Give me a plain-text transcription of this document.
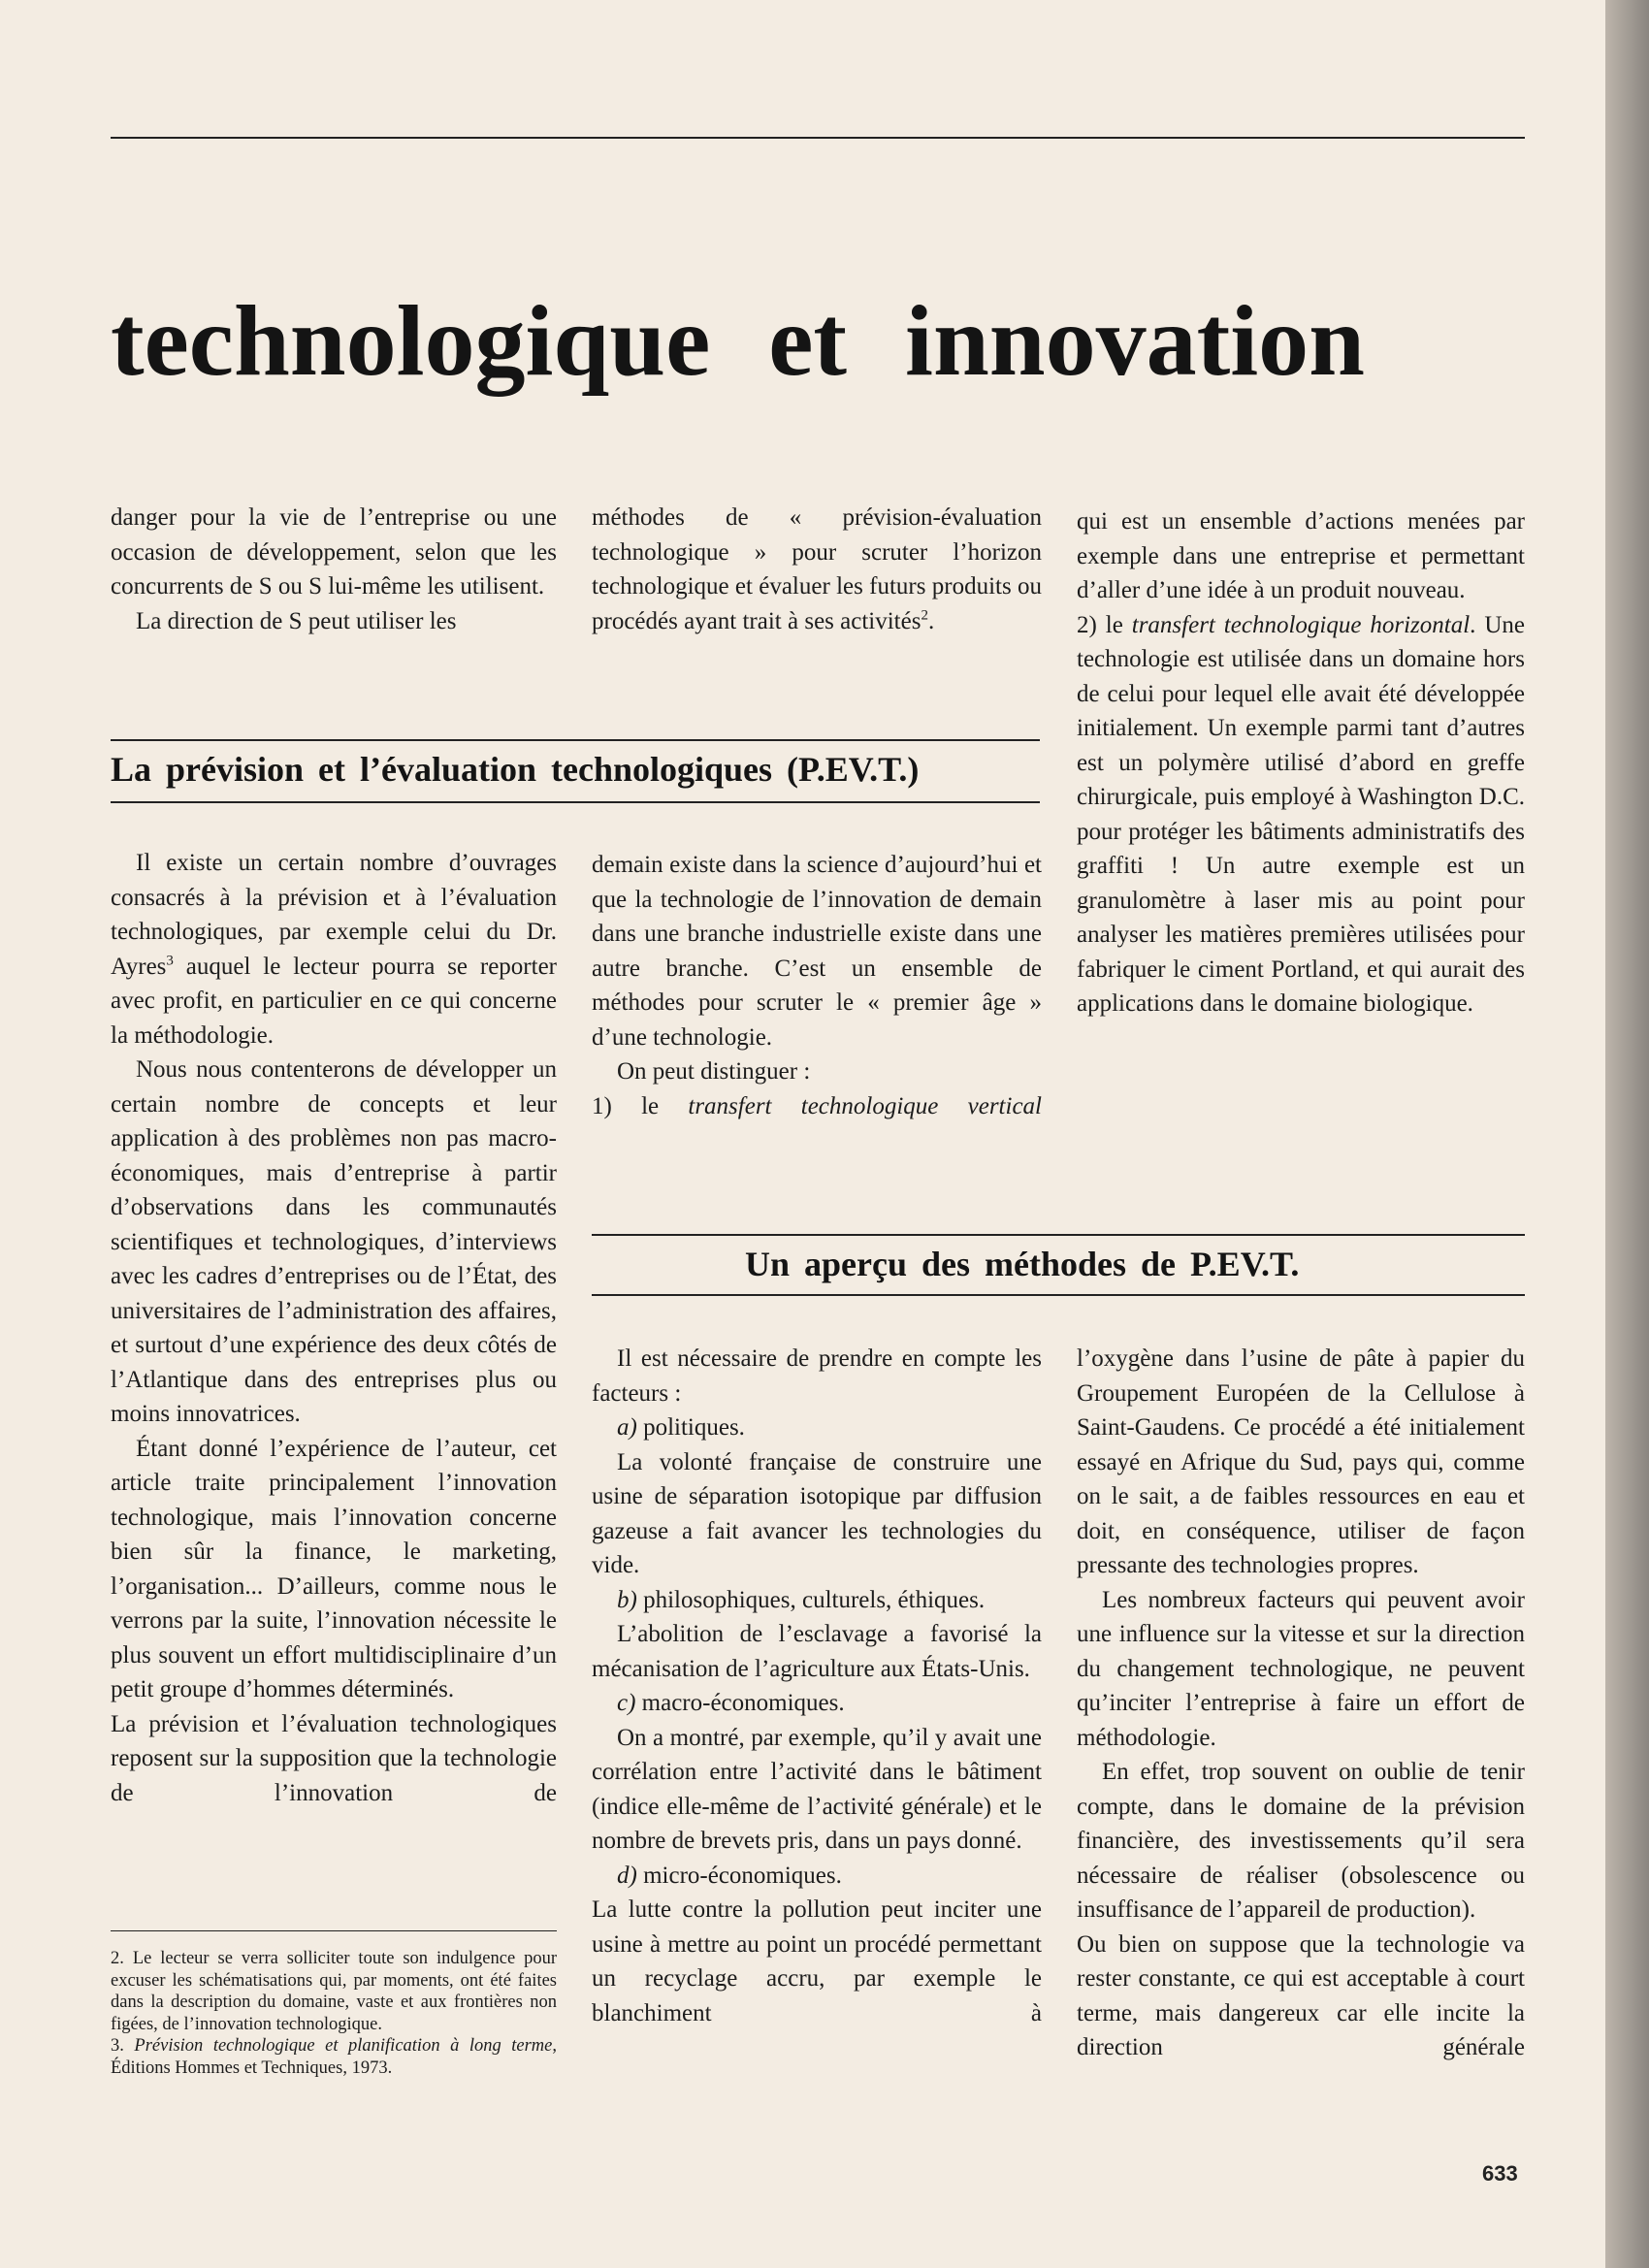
technologique et innovation

danger pour la vie de l’entreprise ou une occasion de développement, selon que les concurrents de S ou S lui-même les utilisent.

La direction de S peut utiliser les

méthodes de « prévision-évaluation technologique » pour scruter l’horizon technologique et évaluer les futurs produits ou procédés ayant trait à ses activités$^2$.

qui est un ensemble d’actions menées par exemple dans une entreprise et permettant d’aller d’une idée à un produit nouveau.

2) le transfert technologique horizontal. Une technologie est utilisée dans un domaine hors de celui pour lequel elle avait été développée initialement. Un exemple parmi tant d’autres est un polymère utilisé d’abord en greffe chirurgicale, puis employé à Washington D.C. pour protéger les bâtiments administratifs des graffiti ! Un autre exemple est un granulomètre à laser mis au point pour analyser les matières premières utilisées pour fabriquer le ciment Portland, et qui aurait des applications dans le domaine biologique.

La prévision et l’évaluation technologiques (P.EV.T.)

Il existe un certain nombre d’ouvrages consacrés à la prévision et à l’évaluation technologiques, par exemple celui du Dr. Ayres$^3$ auquel le lecteur pourra se reporter avec profit, en particulier en ce qui concerne la méthodologie.

Nous nous contenterons de développer un certain nombre de concepts et leur application à des problèmes non pas macro-économiques, mais d’entreprise à partir d’observations dans les communautés scientifiques et technologiques, d’interviews avec les cadres d’entreprises ou de l’État, des universitaires de l’administration des affaires, et surtout d’une expérience des deux côtés de l’Atlantique dans des entreprises plus ou moins innovatrices.

Étant donné l’expérience de l’auteur, cet article traite principalement l’innovation technologique, mais l’innovation concerne bien sûr la finance, le marketing, l’organisation... D’ailleurs, comme nous le verrons par la suite, l’innovation nécessite le plus souvent un effort multidisciplinaire d’un petit groupe d’hommes déterminés.

La prévision et l’évaluation technologiques reposent sur la supposition que la technologie de l’innovation de

demain existe dans la science d’aujourd’hui et que la technologie de l’innovation de demain dans une branche industrielle existe dans une autre branche. C’est un ensemble de méthodes pour scruter le « premier âge » d’une technologie.

On peut distinguer :

1) le transfert technologique vertical

Un aperçu des méthodes de P.EV.T.

Il est nécessaire de prendre en compte les facteurs :

a) politiques.

La volonté française de construire une usine de séparation isotopique par diffusion gazeuse a fait avancer les technologies du vide.

b) philosophiques, culturels, éthiques.

L’abolition de l’esclavage a favorisé la mécanisation de l’agriculture aux États-Unis.

c) macro-économiques.

On a montré, par exemple, qu’il y avait une corrélation entre l’activité dans le bâtiment (indice elle-même de l’activité générale) et le nombre de brevets pris, dans un pays donné.

d) micro-économiques.

La lutte contre la pollution peut inciter une usine à mettre au point un procédé permettant un recyclage accru, par exemple le blanchiment à

l’oxygène dans l’usine de pâte à papier du Groupement Européen de la Cellulose à Saint-Gaudens. Ce procédé a été initialement essayé en Afrique du Sud, pays qui, comme on le sait, a de faibles ressources en eau et doit, en conséquence, utiliser de façon pressante des technologies propres.

Les nombreux facteurs qui peuvent avoir une influence sur la vitesse et sur la direction du changement technologique, ne peuvent qu’inciter l’entreprise à faire un effort de méthodologie.

En effet, trop souvent on oublie de tenir compte, dans le domaine de la prévision financière, des investissements qu’il sera nécessaire de réaliser (obsolescence ou insuffisance de l’appareil de production).

Ou bien on suppose que la technologie va rester constante, ce qui est acceptable à court terme, mais dangereux car elle incite la direction générale

2. Le lecteur se verra solliciter toute son indulgence pour excuser les schématisations qui, par moments, ont été faites dans la description du domaine, vaste et aux frontières non figées, de l’innovation technologique.

3. Prévision technologique et planification à long terme, Éditions Hommes et Techniques, 1973.

633
